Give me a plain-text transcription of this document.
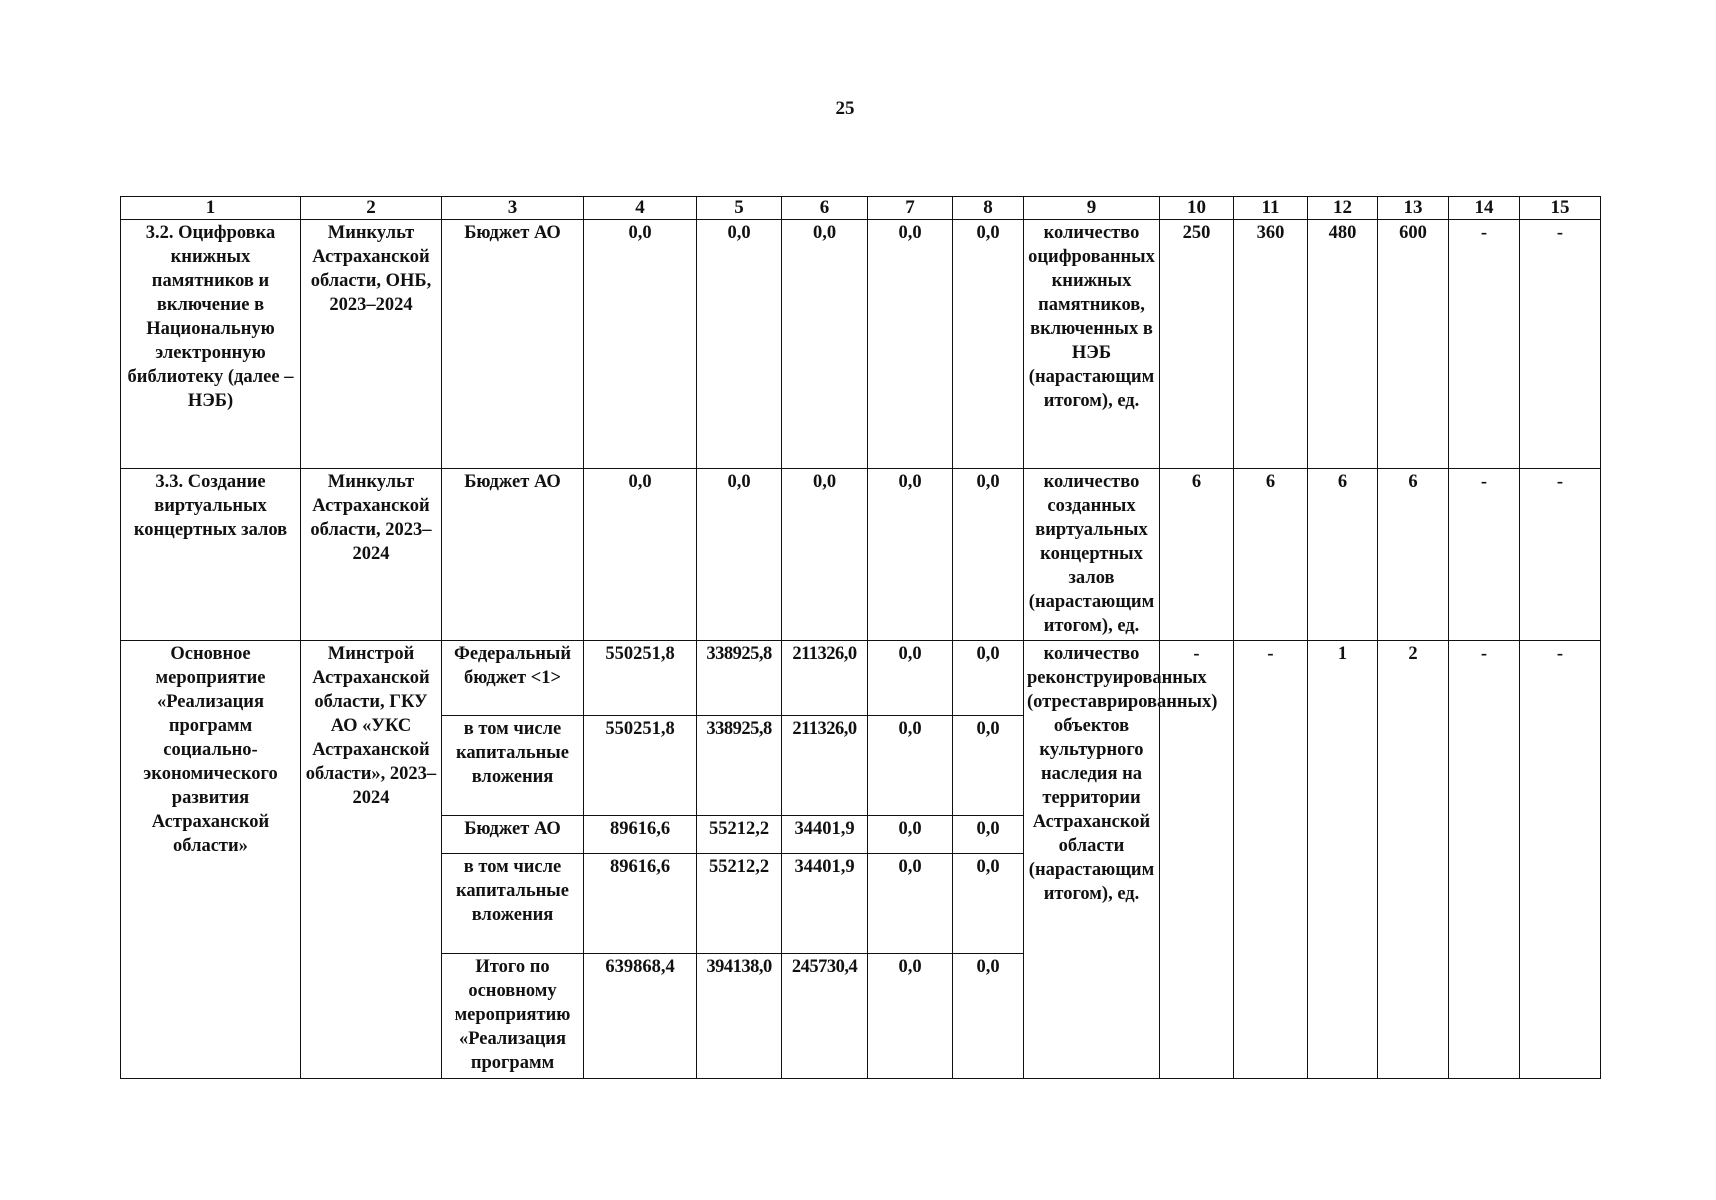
25
1	2	3	4	5	6	7	8	9	10	11	12	13	14	15
3.2. Оцифровка книжных памятников и включение в Национальную электронную библиотеку (далее – НЭБ)	Минкульт Астраханской области, ОНБ, 2023–2024	Бюджет АО	0,0	0,0	0,0	0,0	0,0	количество оцифрованных книжных памятников, включенных в НЭБ (нарастающим итогом), ед.	250	360	480	600	-	-
3.3. Создание виртуальных концертных залов	Минкульт Астраханской области, 2023–2024	Бюджет АО	0,0	0,0	0,0	0,0	0,0	количество созданных виртуальных концертных залов (нарастающим итогом), ед.	6	6	6	6	-	-
Основное мероприятие «Реализация программ социально-экономического развития Астраханской области»	Минстрой Астраханской области, ГКУ АО «УКС Астраханской области», 2023–2024	Федеральный бюджет <1>	550251,8	338925,8	211326,0	0,0	0,0	количество реконструированных (отреставрированных) объектов культурного наследия на территории Астраханской области (нарастающим итогом), ед.	-	-	1	2	-	-
		в том числе капитальные вложения	550251,8	338925,8	211326,0	0,0	0,0							
		Бюджет АО	89616,6	55212,2	34401,9	0,0	0,0							
		в том числе капитальные вложения	89616,6	55212,2	34401,9	0,0	0,0							
		Итого по основному мероприятию «Реализация программ	639868,4	394138,0	245730,4	0,0	0,0							
